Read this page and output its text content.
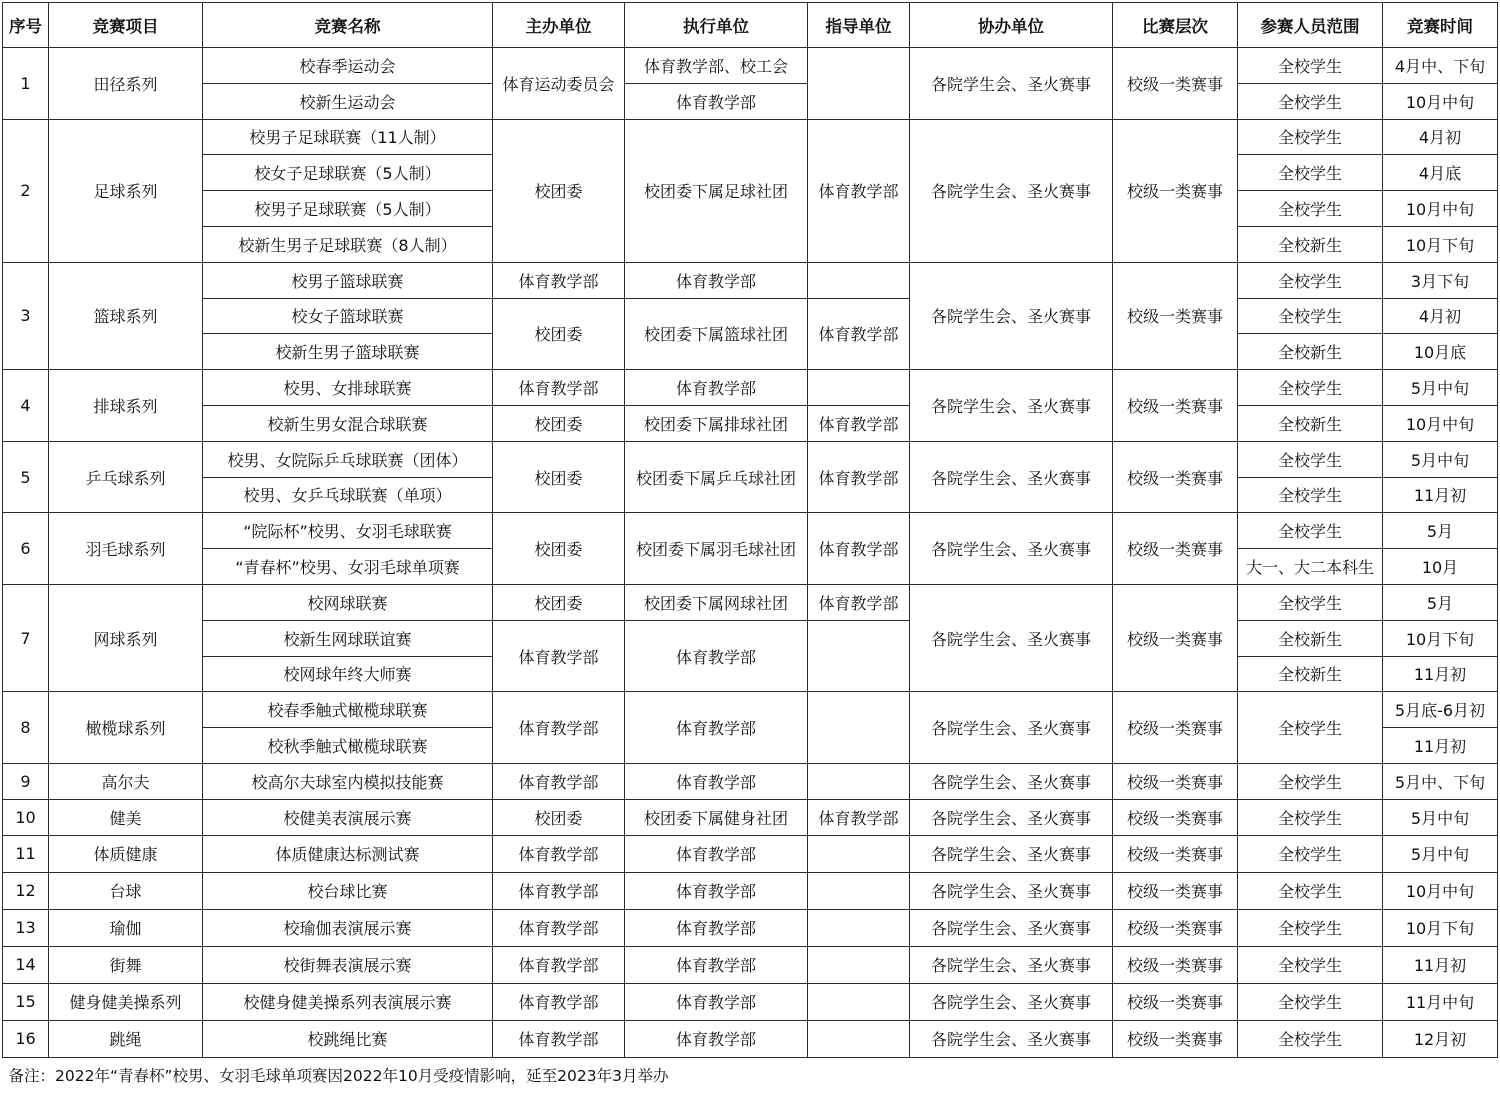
序号	竞赛项目	竞赛名称	主办单位	执行单位	指导单位	协办单位	比赛层次	参赛人员范围	竞赛时间
1	田径系列	校春季运动会	体育运动委员会	体育教学部、校工会		各院学生会、圣火赛事	校级一类赛事	全校学生	4月中、下旬
		校新生运动会		体育教学部				全校学生	10月中旬
2	足球系列	校男子足球联赛（11人制）	校团委	校团委下属足球社团	体育教学部	各院学生会、圣火赛事	校级一类赛事	全校学生	4月初
		校女子足球联赛（5人制）						全校学生	4月底
		校男子足球联赛（5人制）						全校学生	10月中旬
		校新生男子足球联赛（8人制）						全校新生	10月下旬
3	篮球系列	校男子篮球联赛	体育教学部	体育教学部		各院学生会、圣火赛事	校级一类赛事	全校学生	3月下旬
		校女子篮球联赛	校团委	校团委下属篮球社团	体育教学部			全校学生	4月初
		校新生男子篮球联赛						全校新生	10月底
4	排球系列	校男、女排球联赛	体育教学部	体育教学部		各院学生会、圣火赛事	校级一类赛事	全校学生	5月中旬
		校新生男女混合球联赛	校团委	校团委下属排球社团	体育教学部			全校新生	10月中旬
5	乒乓球系列	校男、女院际乒乓球联赛（团体）	校团委	校团委下属乒乓球社团	体育教学部	各院学生会、圣火赛事	校级一类赛事	全校学生	5月中旬
		校男、女乒乓球联赛（单项）						全校学生	11月初
6	羽毛球系列	“院际杯”校男、女羽毛球联赛	校团委	校团委下属羽毛球社团	体育教学部	各院学生会、圣火赛事	校级一类赛事	全校学生	5月
		“青春杯”校男、女羽毛球单项赛						大一、大二本科生	10月
7	网球系列	校网球联赛	校团委	校团委下属网球社团	体育教学部	各院学生会、圣火赛事	校级一类赛事	全校学生	5月
		校新生网球联谊赛	体育教学部	体育教学部				全校新生	10月下旬
		校网球年终大师赛						全校新生	11月初
8	橄榄球系列	校春季触式橄榄球联赛	体育教学部	体育教学部		各院学生会、圣火赛事	校级一类赛事	全校学生	5月底-6月初
		校秋季触式橄榄球联赛							11月初
9	高尔夫	校高尔夫球室内模拟技能赛	体育教学部	体育教学部		各院学生会、圣火赛事	校级一类赛事	全校学生	5月中、下旬
10	健美	校健美表演展示赛	校团委	校团委下属健身社团	体育教学部	各院学生会、圣火赛事	校级一类赛事	全校学生	5月中旬
11	体质健康	体质健康达标测试赛	体育教学部	体育教学部		各院学生会、圣火赛事	校级一类赛事	全校学生	5月中旬
12	台球	校台球比赛	体育教学部	体育教学部		各院学生会、圣火赛事	校级一类赛事	全校学生	10月中旬
13	瑜伽	校瑜伽表演展示赛	体育教学部	体育教学部		各院学生会、圣火赛事	校级一类赛事	全校学生	10月下旬
14	街舞	校街舞表演展示赛	体育教学部	体育教学部		各院学生会、圣火赛事	校级一类赛事	全校学生	11月初
15	健身健美操系列	校健身健美操系列表演展示赛	体育教学部	体育教学部		各院学生会、圣火赛事	校级一类赛事	全校学生	11月中旬
16	跳绳	校跳绳比赛	体育教学部	体育教学部		各院学生会、圣火赛事	校级一类赛事	全校学生	12月初
备注：2022年“青春杯”校男、女羽毛球单项赛因2022年10月受疫情影响，延至2023年3月举办									
